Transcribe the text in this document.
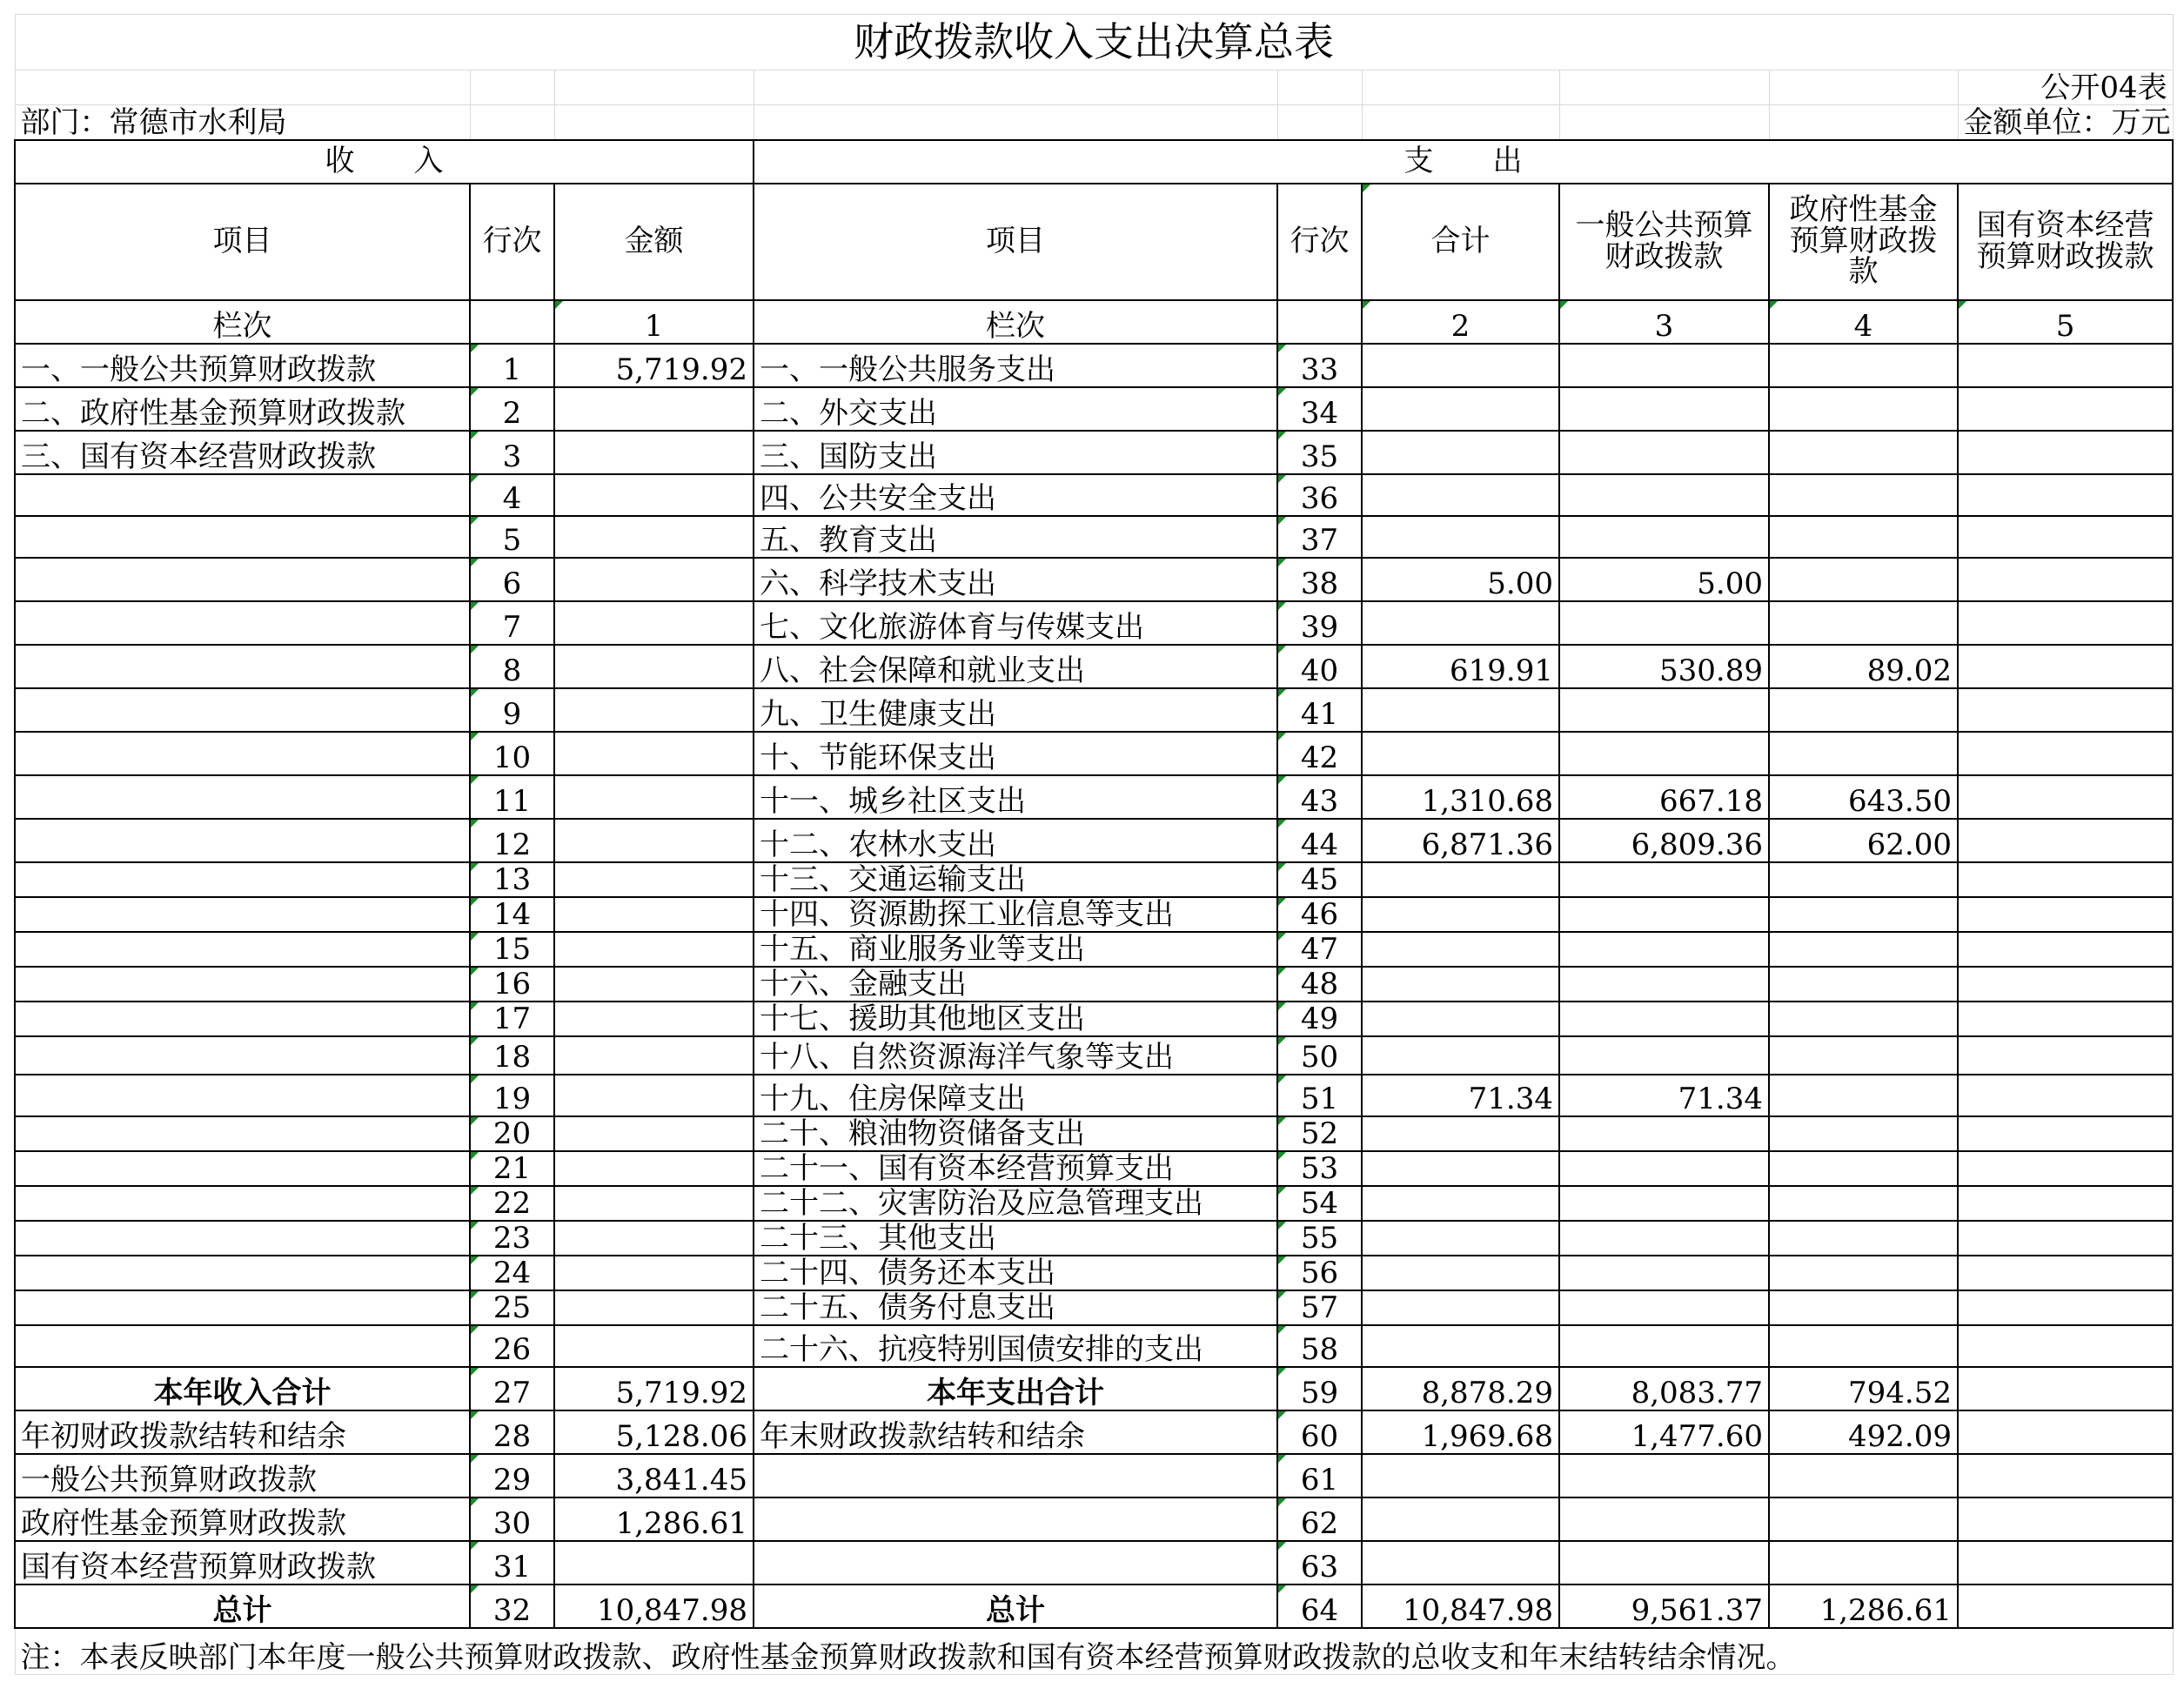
财政拨款收入支出决算总表								
								公开04表
部门：常德市水利局								金额单位：万元
收　　入			支　　出					
项目	行次	金额	项目	行次	合计	一般公共预算财政拨款	政府性基金预算财政拨款	国有资本经营预算财政拨款
栏次		1	栏次		2	3	4	5
一、一般公共预算财政拨款	1	5,719.92	一、一般公共服务支出	33				
二、政府性基金预算财政拨款	2		二、外交支出	34				
三、国有资本经营财政拨款	3		三、国防支出	35				
	4		四、公共安全支出	36				
	5		五、教育支出	37				
	6		六、科学技术支出	38	5.00	5.00		
	7		七、文化旅游体育与传媒支出	39				
	8		八、社会保障和就业支出	40	619.91	530.89	89.02	
	9		九、卫生健康支出	41				
	10		十、节能环保支出	42				
	11		十一、城乡社区支出	43	1,310.68	667.18	643.50	
	12		十二、农林水支出	44	6,871.36	6,809.36	62.00	
	13		十三、交通运输支出	45				
	14		十四、资源勘探工业信息等支出	46				
	15		十五、商业服务业等支出	47				
	16		十六、金融支出	48				
	17		十七、援助其他地区支出	49				
	18		十八、自然资源海洋气象等支出	50				
	19		十九、住房保障支出	51	71.34	71.34		
	20		二十、粮油物资储备支出	52				
	21		二十一、国有资本经营预算支出	53				
	22		二十二、灾害防治及应急管理支出	54				
	23		二十三、其他支出	55				
	24		二十四、债务还本支出	56				
	25		二十五、债务付息支出	57				
	26		二十六、抗疫特别国债安排的支出	58				
本年收入合计	27	5,719.92	本年支出合计	59	8,878.29	8,083.77	794.52	
年初财政拨款结转和结余	28	5,128.06	年末财政拨款结转和结余	60	1,969.68	1,477.60	492.09	
一般公共预算财政拨款	29	3,841.45		61				
政府性基金预算财政拨款	30	1,286.61		62				
国有资本经营预算财政拨款	31			63				
总计	32	10,847.98	总计	64	10,847.98	9,561.37	1,286.61	
注：本表反映部门本年度一般公共预算财政拨款、政府性基金预算财政拨款和国有资本经营预算财政拨款的总收支和年末结转结余情况。								
